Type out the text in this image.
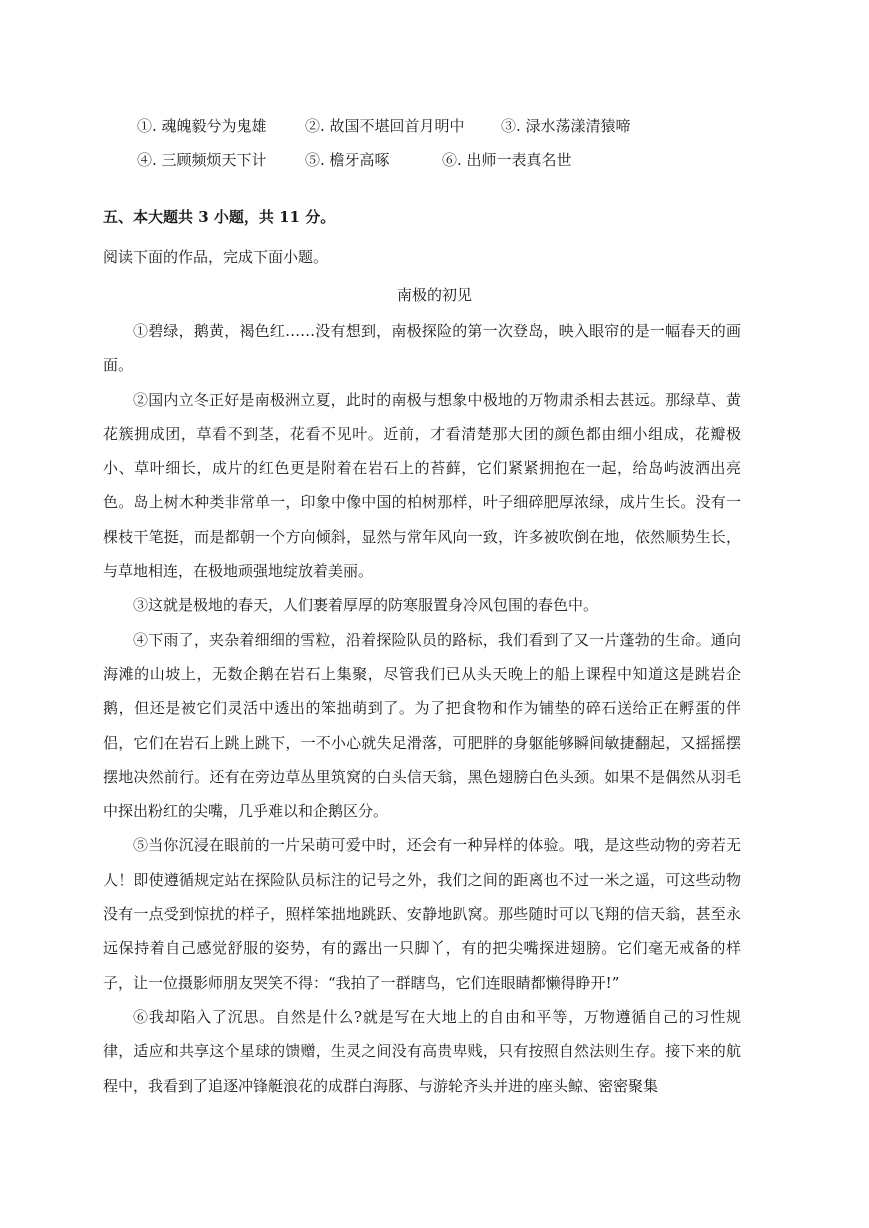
①. 魂魄毅兮为鬼雄	②. 故国不堪回首月明中	③. 渌水荡漾清猿啼
④. 三顾频烦天下计	⑤. 檐牙高啄	⑥. 出师一表真名世
五、本大题共 3 小题，共 11 分。
阅读下面的作品，完成下面小题。
南极的初见

①碧绿，鹅黄，褐色红……没有想到，南极探险的第一次登岛，映入眼帘的是一幅春天的画面。

②国内立冬正好是南极洲立夏，此时的南极与想象中极地的万物肃杀相去甚远。那绿草、黄花簇拥成团，草看不到茎，花看不见叶。近前，才看清楚那大团的颜色都由细小组成，花瓣极小、草叶细长，成片的红色更是附着在岩石上的苔藓，它们紧紧拥抱在一起，给岛屿波洒出亮色。岛上树木种类非常单一，印象中像中国的柏树那样，叶子细碎肥厚浓绿，成片生长。没有一棵枝干笔挺，而是都朝一个方向倾斜，显然与常年风向一致，许多被吹倒在地，依然顺势生长，与草地相连，在极地顽强地绽放着美丽。

③这就是极地的春天，人们裹着厚厚的防寒服置身冷风包围的春色中。

④下雨了，夹杂着细细的雪粒，沿着探险队员的路标，我们看到了又一片蓬勃的生命。通向海滩的山坡上，无数企鹅在岩石上集聚，尽管我们已从头天晚上的船上课程中知道这是跳岩企鹅，但还是被它们灵活中透出的笨拙萌到了。为了把食物和作为铺垫的碎石送给正在孵蛋的伴侣，它们在岩石上跳上跳下，一不小心就失足滑落，可肥胖的身躯能够瞬间敏捷翻起，又摇摇摆摆地决然前行。还有在旁边草丛里筑窝的白头信天翁，黑色翅膀白色头颈。如果不是偶然从羽毛中探出粉红的尖嘴，几乎难以和企鹅区分。

⑤当你沉浸在眼前的一片呆萌可爱中时，还会有一种异样的体验。哦，是这些动物的旁若无人！即使遵循规定站在探险队员标注的记号之外，我们之间的距离也不过一米之遥，可这些动物没有一点受到惊扰的样子，照样笨拙地跳跃、安静地趴窝。那些随时可以飞翔的信天翁，甚至永远保持着自己感觉舒服的姿势，有的露出一只脚丫，有的把尖嘴探进翅膀。它们毫无戒备的样子，让一位摄影师朋友哭笑不得：“我拍了一群瞎鸟，它们连眼睛都懒得睁开!”

⑥我却陷入了沉思。自然是什么?就是写在大地上的自由和平等，万物遵循自己的习性规律，适应和共享这个星球的馈赠，生灵之间没有高贵卑贱，只有按照自然法则生存。接下来的航程中，我看到了追逐冲锋艇浪花的成群白海豚、与游轮齐头并进的座头鲸、密密聚集
